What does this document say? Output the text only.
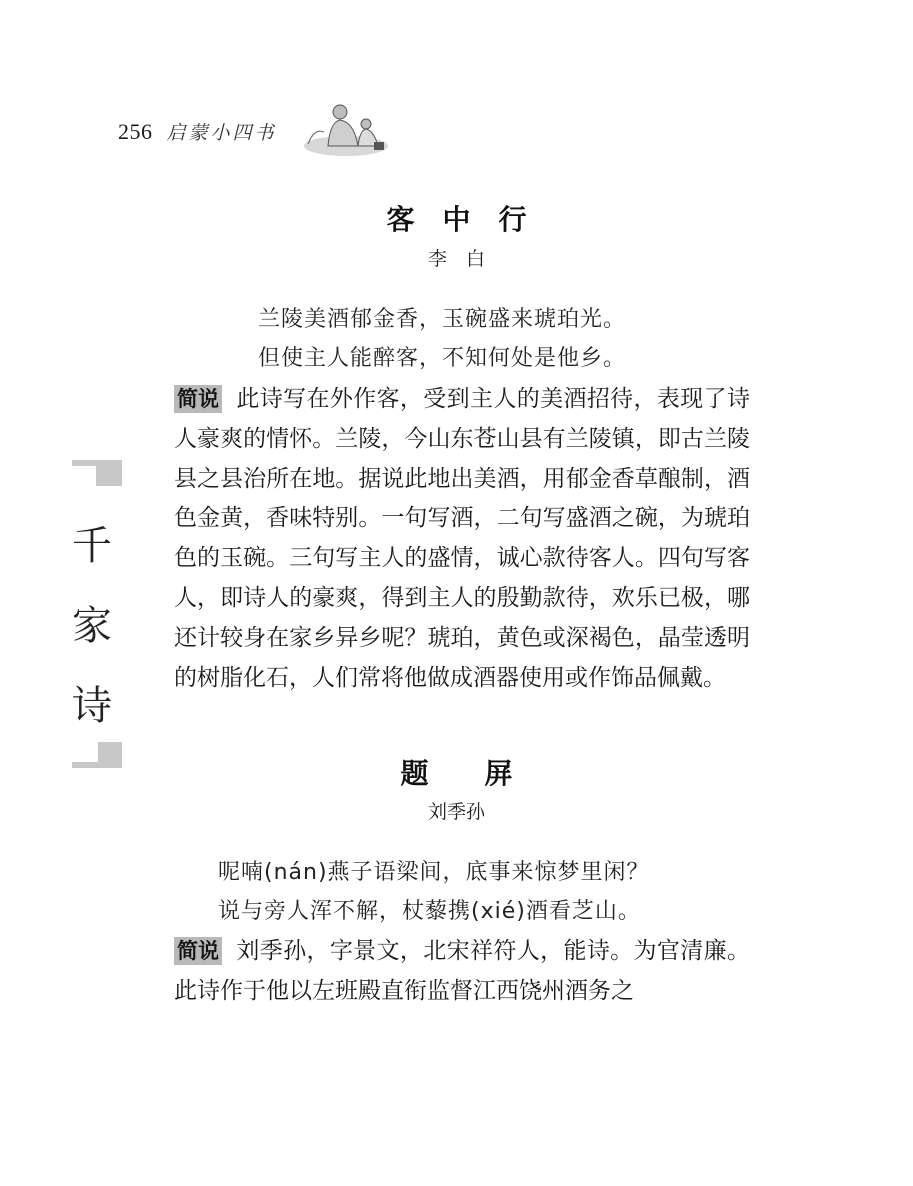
256 启蒙小四书
千
家
诗
客　中　行
李　白
兰陵美酒郁金香，玉碗盛来琥珀光。
但使主人能醉客，不知何处是他乡。
简说 此诗写在外作客，受到主人的美酒招待，表现了诗人豪爽的情怀。兰陵，今山东苍山县有兰陵镇，即古兰陵县之县治所在地。据说此地出美酒，用郁金香草酿制，酒色金黄，香味特别。一句写酒，二句写盛酒之碗，为琥珀色的玉碗。三句写主人的盛情，诚心款待客人。四句写客人，即诗人的豪爽，得到主人的殷勤款待，欢乐已极，哪还计较身在家乡异乡呢？琥珀，黄色或深褐色，晶莹透明的树脂化石，人们常将他做成酒器使用或作饰品佩戴。
题　　屏
刘季孙
呢喃(nán)燕子语梁间，底事来惊梦里闲？
说与旁人浑不解，杖藜携(xié)酒看芝山。
简说 刘季孙，字景文，北宋祥符人，能诗。为官清廉。此诗作于他以左班殿直衔监督江西饶州酒务之
